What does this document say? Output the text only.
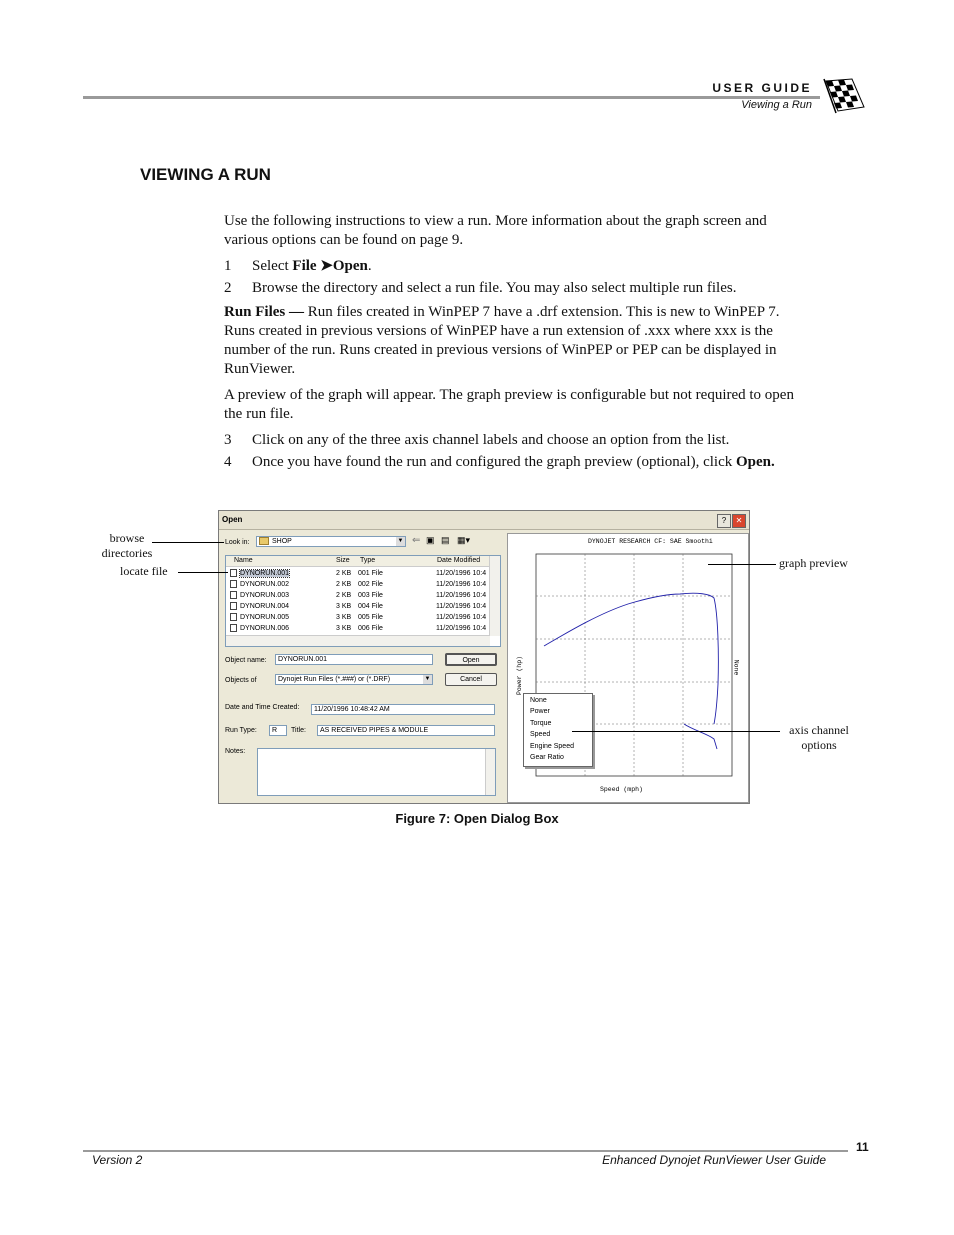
USER GUIDE
Viewing a Run
VIEWING A RUN

Use the following instructions to view a run. More information about the graph screen and various options can be found on page 9.

1	Select File ➤Open.
2	Browse the directory and select a run file. You may also select multiple run files.

Run Files — Run files created in WinPEP 7 have a .drf extension. This is new to WinPEP 7. Runs created in previous versions of WinPEP have a run extension of .xxx where xxx is the number of the run. Runs created in previous versions of WinPEP or PEP can be displayed in RunViewer.

A preview of the graph will appear. The graph preview is configurable but not required to open the run file.

3	Click on any of the three axis channel labels and choose an option from the list.
4	Once you have found the run and configured the graph preview (optional), click Open.
Open	?	✕
Look in:	SHOP	▼ ⇐ ▣ ▤ ▦▾
Name	Size Type	Date Modified
DYNORUN.001	2 KB 001 File	11/20/1996 10:4
DYNORUN.002	2 KB 002 File	11/20/1996 10:4
DYNORUN.003	2 KB 003 File	11/20/1996 10:4
DYNORUN.004	3 KB 004 File	11/20/1996 10:4
DYNORUN.005	3 KB 005 File	11/20/1996 10:4
DYNORUN.006	3 KB 006 File	11/20/1996 10:4
Object name:	DYNORUN.001	Open
Objects of	Dynojet Run Files (*.###) or (*.DRF)	▼	Cancel
Date and Time Created:	11/20/1996 10:48:42 AM
Run Type:	R	Title:	AS RECEIVED PIPES & MODULE
Notes:
DYNOJET RESEARCH CF: SAE Smoothi
Power (hp)	None
Speed (mph)
None
Power
Torque
Speed
Engine Speed
Gear Ratio
browse directories
locate file
graph preview
axis channel options
Figure 7: Open Dialog Box
11
Version 2	Enhanced Dynojet RunViewer User Guide
